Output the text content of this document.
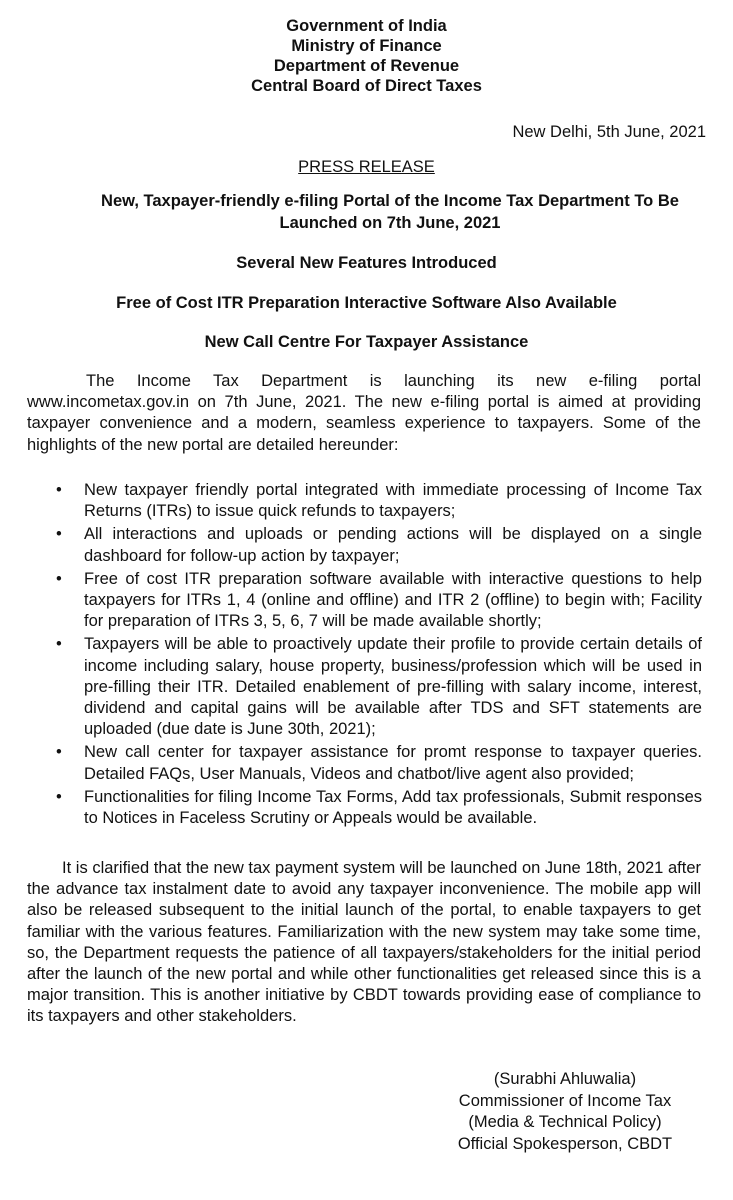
Government of India
Ministry of Finance
Department of Revenue
Central Board of Direct Taxes
New Delhi, 5th June, 2021
PRESS RELEASE
New, Taxpayer-friendly e-filing Portal of the Income Tax Department To Be Launched on 7th June, 2021
Several New Features Introduced
Free of Cost ITR Preparation Interactive Software Also Available
New Call Centre For Taxpayer Assistance

The Income Tax Department is launching its new e-filing portal www.incometax.gov.in on 7th June, 2021. The new e-filing portal is aimed at providing taxpayer convenience and a modern, seamless experience to taxpayers. Some of the highlights of the new portal are detailed hereunder:

• New taxpayer friendly portal integrated with immediate processing of Income Tax Returns (ITRs) to issue quick refunds to taxpayers;
• All interactions and uploads or pending actions will be displayed on a single dashboard for follow-up action by taxpayer;
• Free of cost ITR preparation software available with interactive questions to help taxpayers for ITRs 1, 4 (online and offline) and ITR 2 (offline) to begin with; Facility for preparation of ITRs 3, 5, 6, 7 will be made available shortly;
• Taxpayers will be able to proactively update their profile to provide certain details of income including salary, house property, business/profession which will be used in pre-filling their ITR. Detailed enablement of pre-filling with salary income, interest, dividend and capital gains will be available after TDS and SFT statements are uploaded (due date is June 30th, 2021);
• New call center for taxpayer assistance for promt response to taxpayer queries. Detailed FAQs, User Manuals, Videos and chatbot/live agent also provided;
• Functionalities for filing Income Tax Forms, Add tax professionals, Submit responses to Notices in Faceless Scrutiny or Appeals would be available.

It is clarified that the new tax payment system will be launched on June 18th, 2021 after the advance tax instalment date to avoid any taxpayer inconvenience. The mobile app will also be released subsequent to the initial launch of the portal, to enable taxpayers to get familiar with the various features. Familiarization with the new system may take some time, so, the Department requests the patience of all taxpayers/stakeholders for the initial period after the launch of the new portal and while other functionalities get released since this is a major transition. This is another initiative by CBDT towards providing ease of compliance to its taxpayers and other stakeholders.

(Surabhi Ahluwalia)
Commissioner of Income Tax
(Media & Technical Policy)
Official Spokesperson, CBDT
